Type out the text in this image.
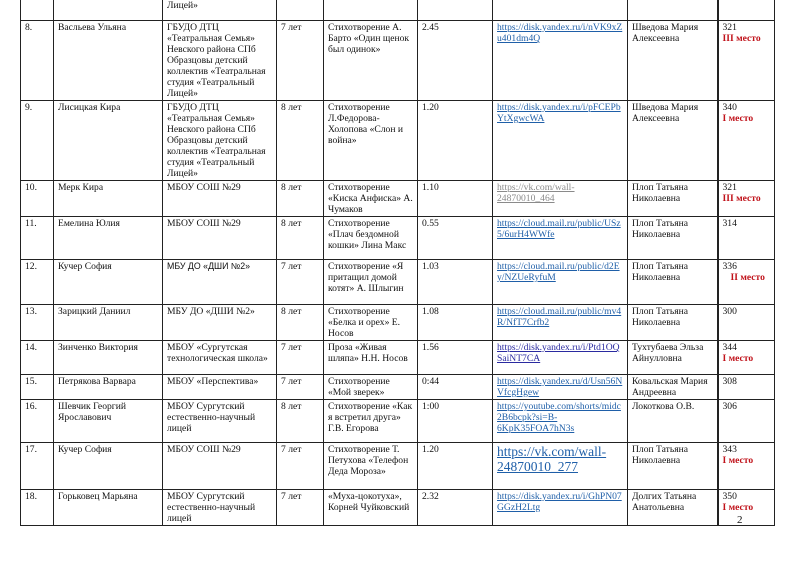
		Лицей»						
8.	Васльева Ульяна	ГБУДО ДТЦ «Театральная Семья» Невского района СПб Образцовы детский коллектив «Театральная студия «Театральный Лицей»	7 лет	Стихотворение А. Барто «Один щенок был одинок»	2.45	https://disk.yandex.ru/i/nVK9xZu401dm4Q	Шведова Мария Алексеевна	321
III место

9.	Лисицкая Кира	ГБУДО ДТЦ «Театральная Семья» Невского района СПб Образцовы детский коллектив «Театральная студия «Театральный Лицей»	8 лет	Стихотворение Л.Федорова-Холопова «Слон и война»	1.20	https://disk.yandex.ru/i/pFCEPbYtXgwcWA	Шведова Мария Алексеевна	340
I место

10.	Мерк Кира	МБОУ СОШ №29	8 лет	Стихотворение «Киска Анфиска» А. Чумаков	1.10	https://vk.com/wall-24870010_464	Плоп Татьяна Николаевна	321
III место

11.	Емелина Юлия	МБОУ СОШ №29	8 лет	Стихотворение «Плач бездомной кошки» Лина Макс	0.55	https://cloud.mail.ru/public/USz5/6urH4WWfe	Плоп Татьяна Николаевна	314

12.	Кучер София	МБУ ДО «ДШИ №2»	7 лет	Стихотворение «Я притащил домой котят» А. Шлыгин	1.03	https://cloud.mail.ru/public/d2Ey/NZUeRyfuM	Плоп Татьяна Николаевна	336
II место

13.	Зарицкий Даниил	МБУ ДО «ДШИ №2»	8 лет	Стихотворение «Белка и орех» Е. Носов	1.08	https://cloud.mail.ru/public/mv4R/NfT7Crfb2	Плоп Татьяна Николаевна	300

14.	Зинченко Виктория	МБОУ «Сургутская технологическая школа»	7 лет	Проза «Живая шляпа» Н.Н. Носов	1.56	https://disk.yandex.ru/i/Ptd1OQSaiNT7CA	Тухтубаева Эльза Айнулловна	344
I место

15.	Петрякова Варвара	МБОУ «Перспектива»	7 лет	Стихотворение «Мой зверек»	0:44	https://disk.yandex.ru/d/Usn56NVfcgHgew	Ковальская Мария Андреевна	308

16.	Шевчик Георгий Ярославович	МБОУ Сургутский естественно-научный лицей	8 лет	Стихотворение «Как я встретил друга» Г.В. Егорова	1:00	https://youtube.com/shorts/midc2B6bcpk?si=B-6KpK35FOA7hN3s	Локоткова О.В.	306

17.	Кучер София	МБОУ СОШ №29	7 лет	Стихотворение Т. Петухова «Телефон Деда Мороза»	1.20	https://vk.com/wall-24870010_277	Плоп Татьяна Николаевна	343
I место

18.	Горьковец Марьяна	МБОУ Сургутский естественно-научный лицей	7 лет	«Муха-цокотуха», Корней Чуйковский	2.32	https://disk.yandex.ru/i/GhPN07GGzH2Ltg	Долгих Татьяна Анатольевна	350
I место
2
